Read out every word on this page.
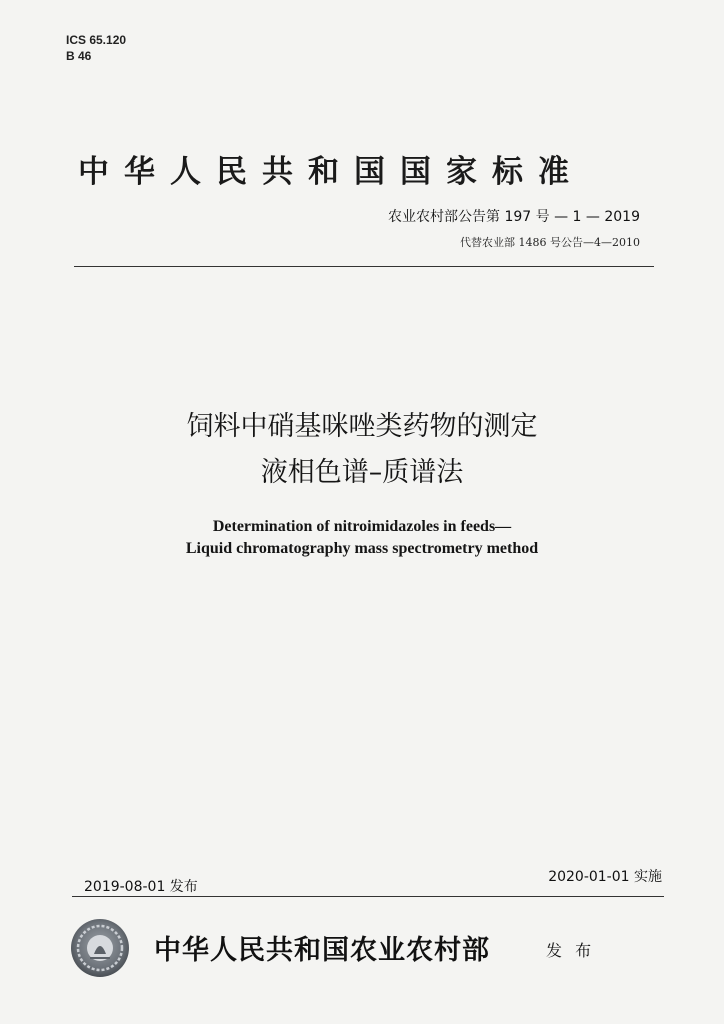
ICS 65.120
B 46
中华人民共和国国家标准
农业农村部公告第 197 号 — 1 — 2019
代替农业部 1486 号公告—4—2010
饲料中硝基咪唑类药物的测定
液相色谱–质谱法
Determination of nitroimidazoles in feeds—
Liquid chromatography mass spectrometry method
2019-08-01 发布
2020-01-01 实施
中华人民共和国农业农村部	发 布
